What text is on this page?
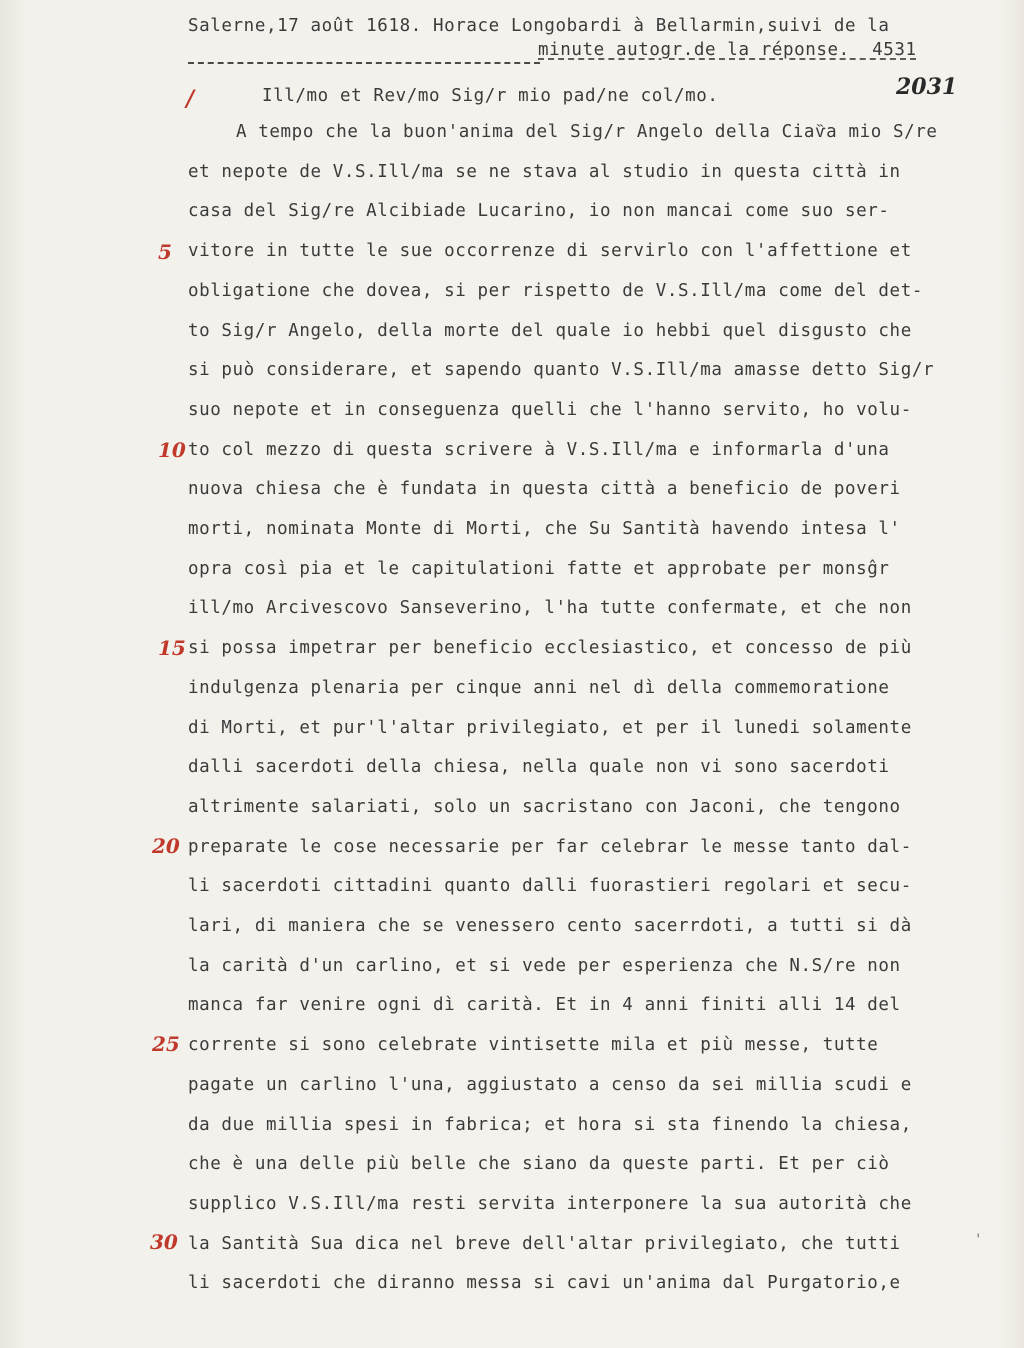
Salerne,17 août 1618. Horace Longobardi à Bellarmin,suivi de la
minute autogr.de la réponse.  4531
2031
/	Ill/mo et Rev/mo Sig/r mio pad/ne col/mo.
A tempo che la buon'anima del Sig/r Angelo della Ciaѷa mio S/re
et nepote de V.S.Ill/ma se ne stava al studio in questa città in
casa del Sig/re Alcibiade Lucarino, io non mancai come suo ser-
vitore in tutte le sue occorrenze di servirlo con l'affettione et
obligatione che dovea, si per rispetto de V.S.Ill/ma come del det-
to Sig/r Angelo, della morte del quale io hebbi quel disgusto che
si può considerare, et sapendo quanto V.S.Ill/ma amasse detto Sig/r
suo nepote et in conseguenza quelli che l'hanno servito, ho volu-
to col mezzo di questa scrivere à V.S.Ill/ma e informarla d'una
nuova chiesa che è fundata in questa città a beneficio de poveri
morti, nominata Monte di Morti, che Su Santità havendo intesa l'
opra così pia et le capitulationi fatte et approbate per monsĝr
ill/mo Arcivescovo Sanseverino, l'ha tutte confermate, et che non
si possa impetrar per beneficio ecclesiastico, et concesso de più
indulgenza plenaria per cinque anni nel dì della commemoratione
di Morti, et pur'l'altar privilegiato, et per il lunedi solamente
dalli sacerdoti della chiesa, nella quale non vi sono sacerdoti
altrimente salariati, solo un sacristano con Jaconi, che tengono
preparate le cose necessarie per far celebrar le messe tanto dal-
li sacerdoti cittadini quanto dalli fuorastieri regolari et secu-
lari, di maniera che se venessero cento sacerrdoti, a tutti si dà
la carità d'un carlino, et si vede per esperienza che N.S/re non
manca far venire ogni dì carità. Et in 4 anni finiti alli 14 del
corrente si sono celebrate vintisette mila et più messe, tutte
pagate un carlino l'una, aggiustato a censo da sei millia scudi e
da due millia spesi in fabrica; et hora si sta finendo la chiesa,
che è una delle più belle che siano da queste parti. Et per ciò
supplico V.S.Ill/ma resti servita interponere la sua autorità che
la Santità Sua dica nel breve dell'altar privilegiato, che tutti
li sacerdoti che diranno messa si cavi un'anima dal Purgatorio,e
5
10
15
20
25
30	'
